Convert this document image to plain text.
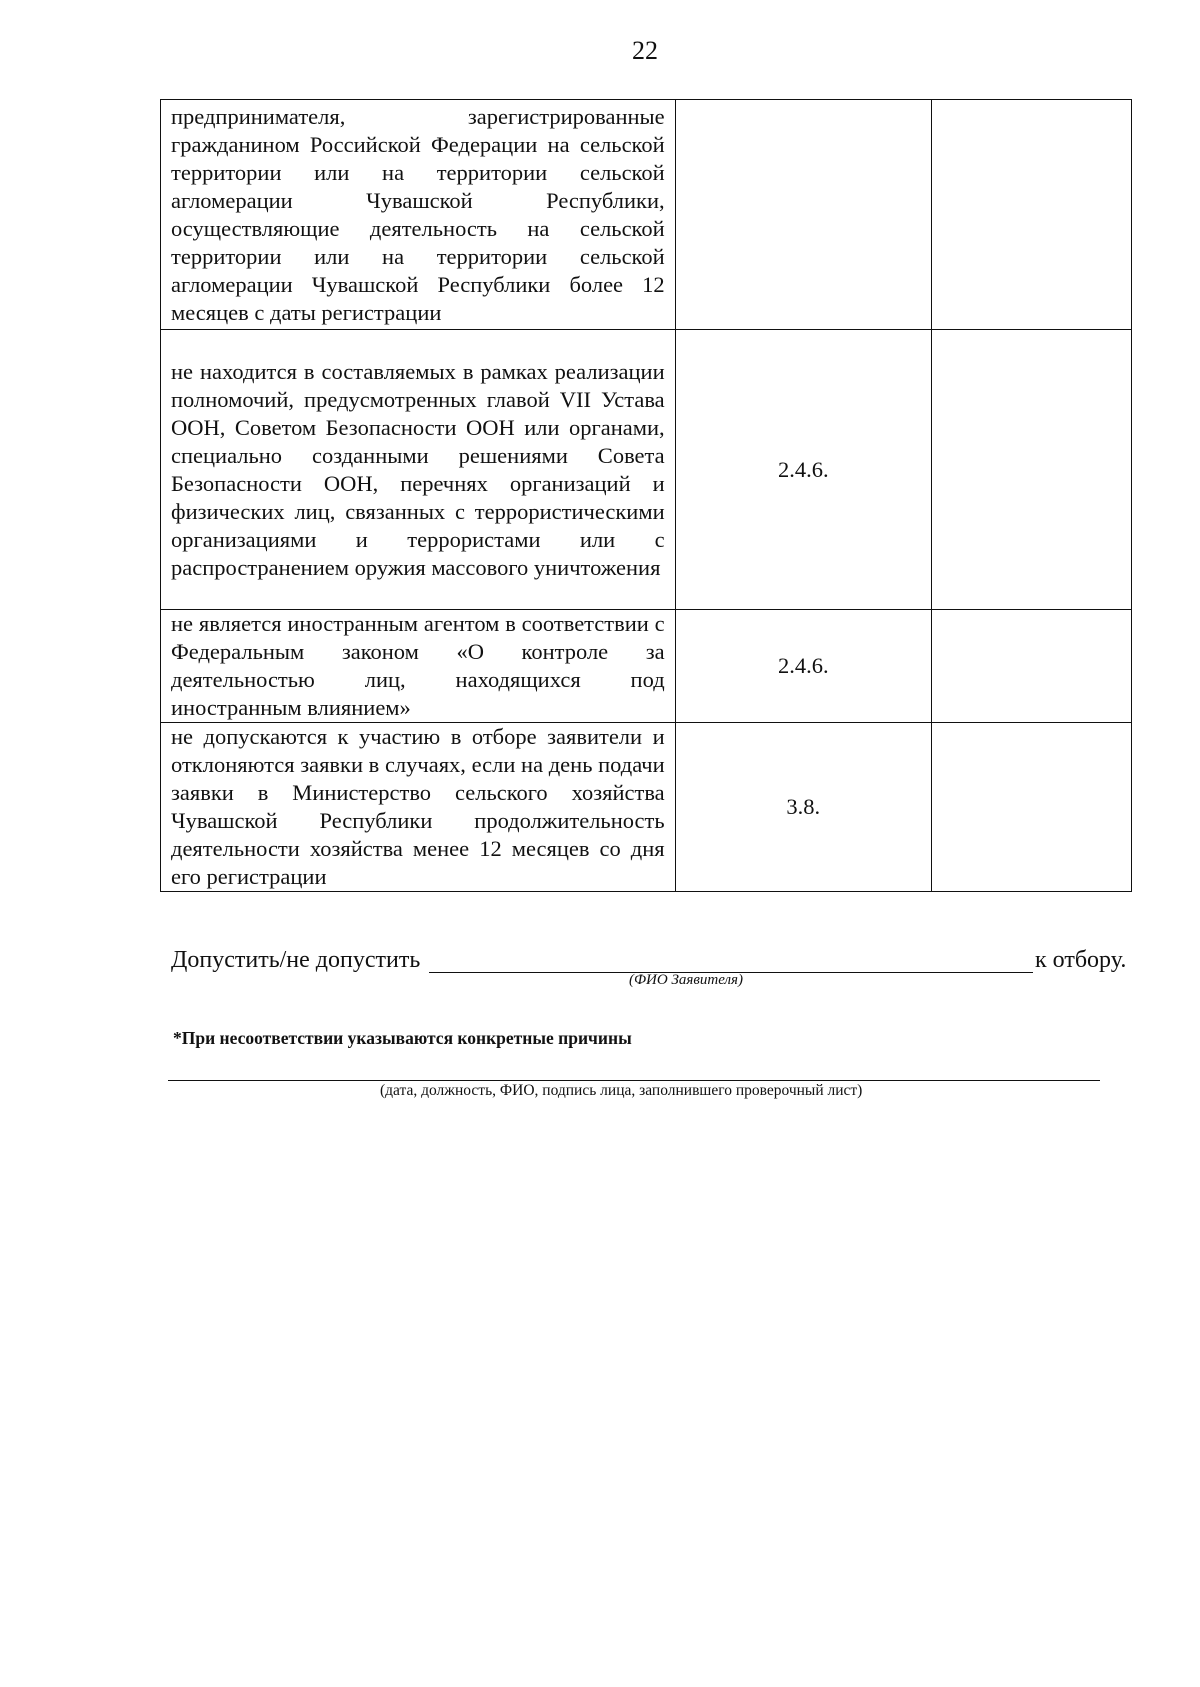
22
предпринимателя, зарегистрированные гражданином Российской Федерации на сельской территории или на территории сельской агломерации Чувашской Республики, осуществляющие деятельность на сельской территории или на территории сельской агломерации Чувашской Республики более 12 месяцев с даты регистрации		
не находится в составляемых в рамках реализации полномочий, предусмотренных главой VII Устава ООН, Советом Безопасности ООН или органами, специально созданными решениями Совета Безопасности ООН, перечнях организаций и физических лиц, связанных с террористическими организациями и террористами или с распространением оружия массового уничтожения	2.4.6.	
не является иностранным агентом в соответствии с Федеральным законом «О контроле за деятельностью лиц, находящихся под иностранным влиянием»	2.4.6.	
не допускаются к участию в отборе заявители и отклоняются заявки в случаях, если на день подачи заявки в Министерство сельского хозяйства Чувашской Республики продолжительность деятельности хозяйства менее 12 месяцев со дня его регистрации	3.8.	
Допустить/не допустить
(ФИО Заявителя)
к отбору.
*При несоответствии указываются конкретные причины
(дата, должность, ФИО, подпись лица, заполнившего проверочный лист)
